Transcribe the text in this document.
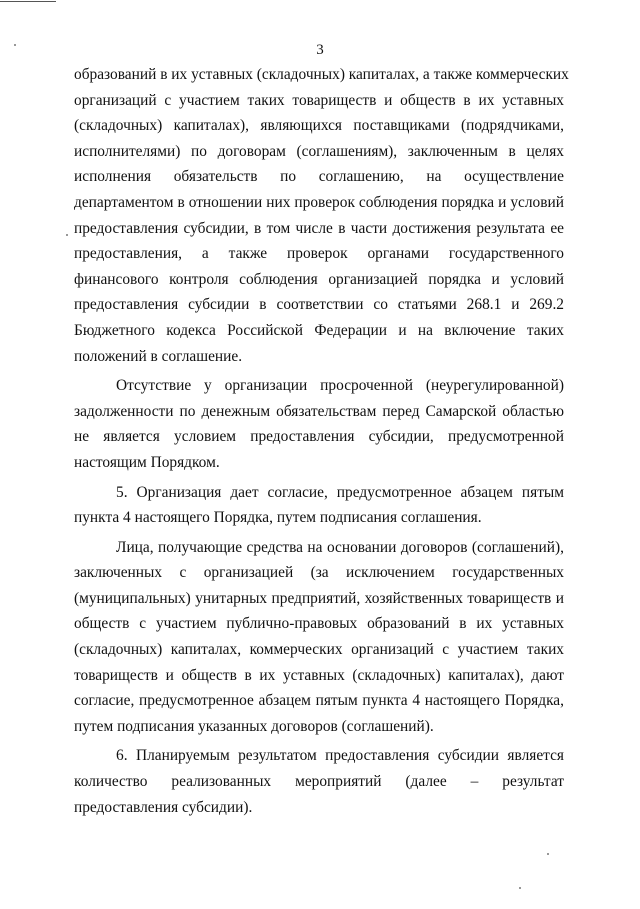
3

образований в их уставных (складочных) капиталах, а также коммерческих
организаций с участием таких товариществ и обществ в их уставных
(складочных) капиталах), являющихся поставщиками (подрядчиками,
исполнителями) по договорам (соглашениям), заключенным в целях
исполнения обязательств по соглашению, на осуществление
департаментом в отношении них проверок соблюдения порядка и условий
предоставления субсидии, в том числе в части достижения результата ее
предоставления, а также проверок органами государственного
финансового контроля соблюдения организацией порядка и условий
предоставления субсидии в соответствии со статьями 268.1 и 269.2
Бюджетного кодекса Российской Федерации и на включение таких
положений в соглашение.

Отсутствие у организации просроченной (неурегулированной)
задолженности по денежным обязательствам перед Самарской областью
не является условием предоставления субсидии, предусмотренной
настоящим Порядком.

5. Организация дает согласие, предусмотренное абзацем пятым
пункта 4 настоящего Порядка, путем подписания соглашения.

Лица, получающие средства на основании договоров (соглашений),
заключенных с организацией (за исключением государственных
(муниципальных) унитарных предприятий, хозяйственных товариществ и
обществ с участием публично-правовых образований в их уставных
(складочных) капиталах, коммерческих организаций с участием таких
товариществ и обществ в их уставных (складочных) капиталах), дают
согласие, предусмотренное абзацем пятым пункта 4 настоящего Порядка,
путем подписания указанных договоров (соглашений).

6. Планируемым результатом предоставления субсидии является
количество реализованных мероприятий (далее – результат
предоставления субсидии).
